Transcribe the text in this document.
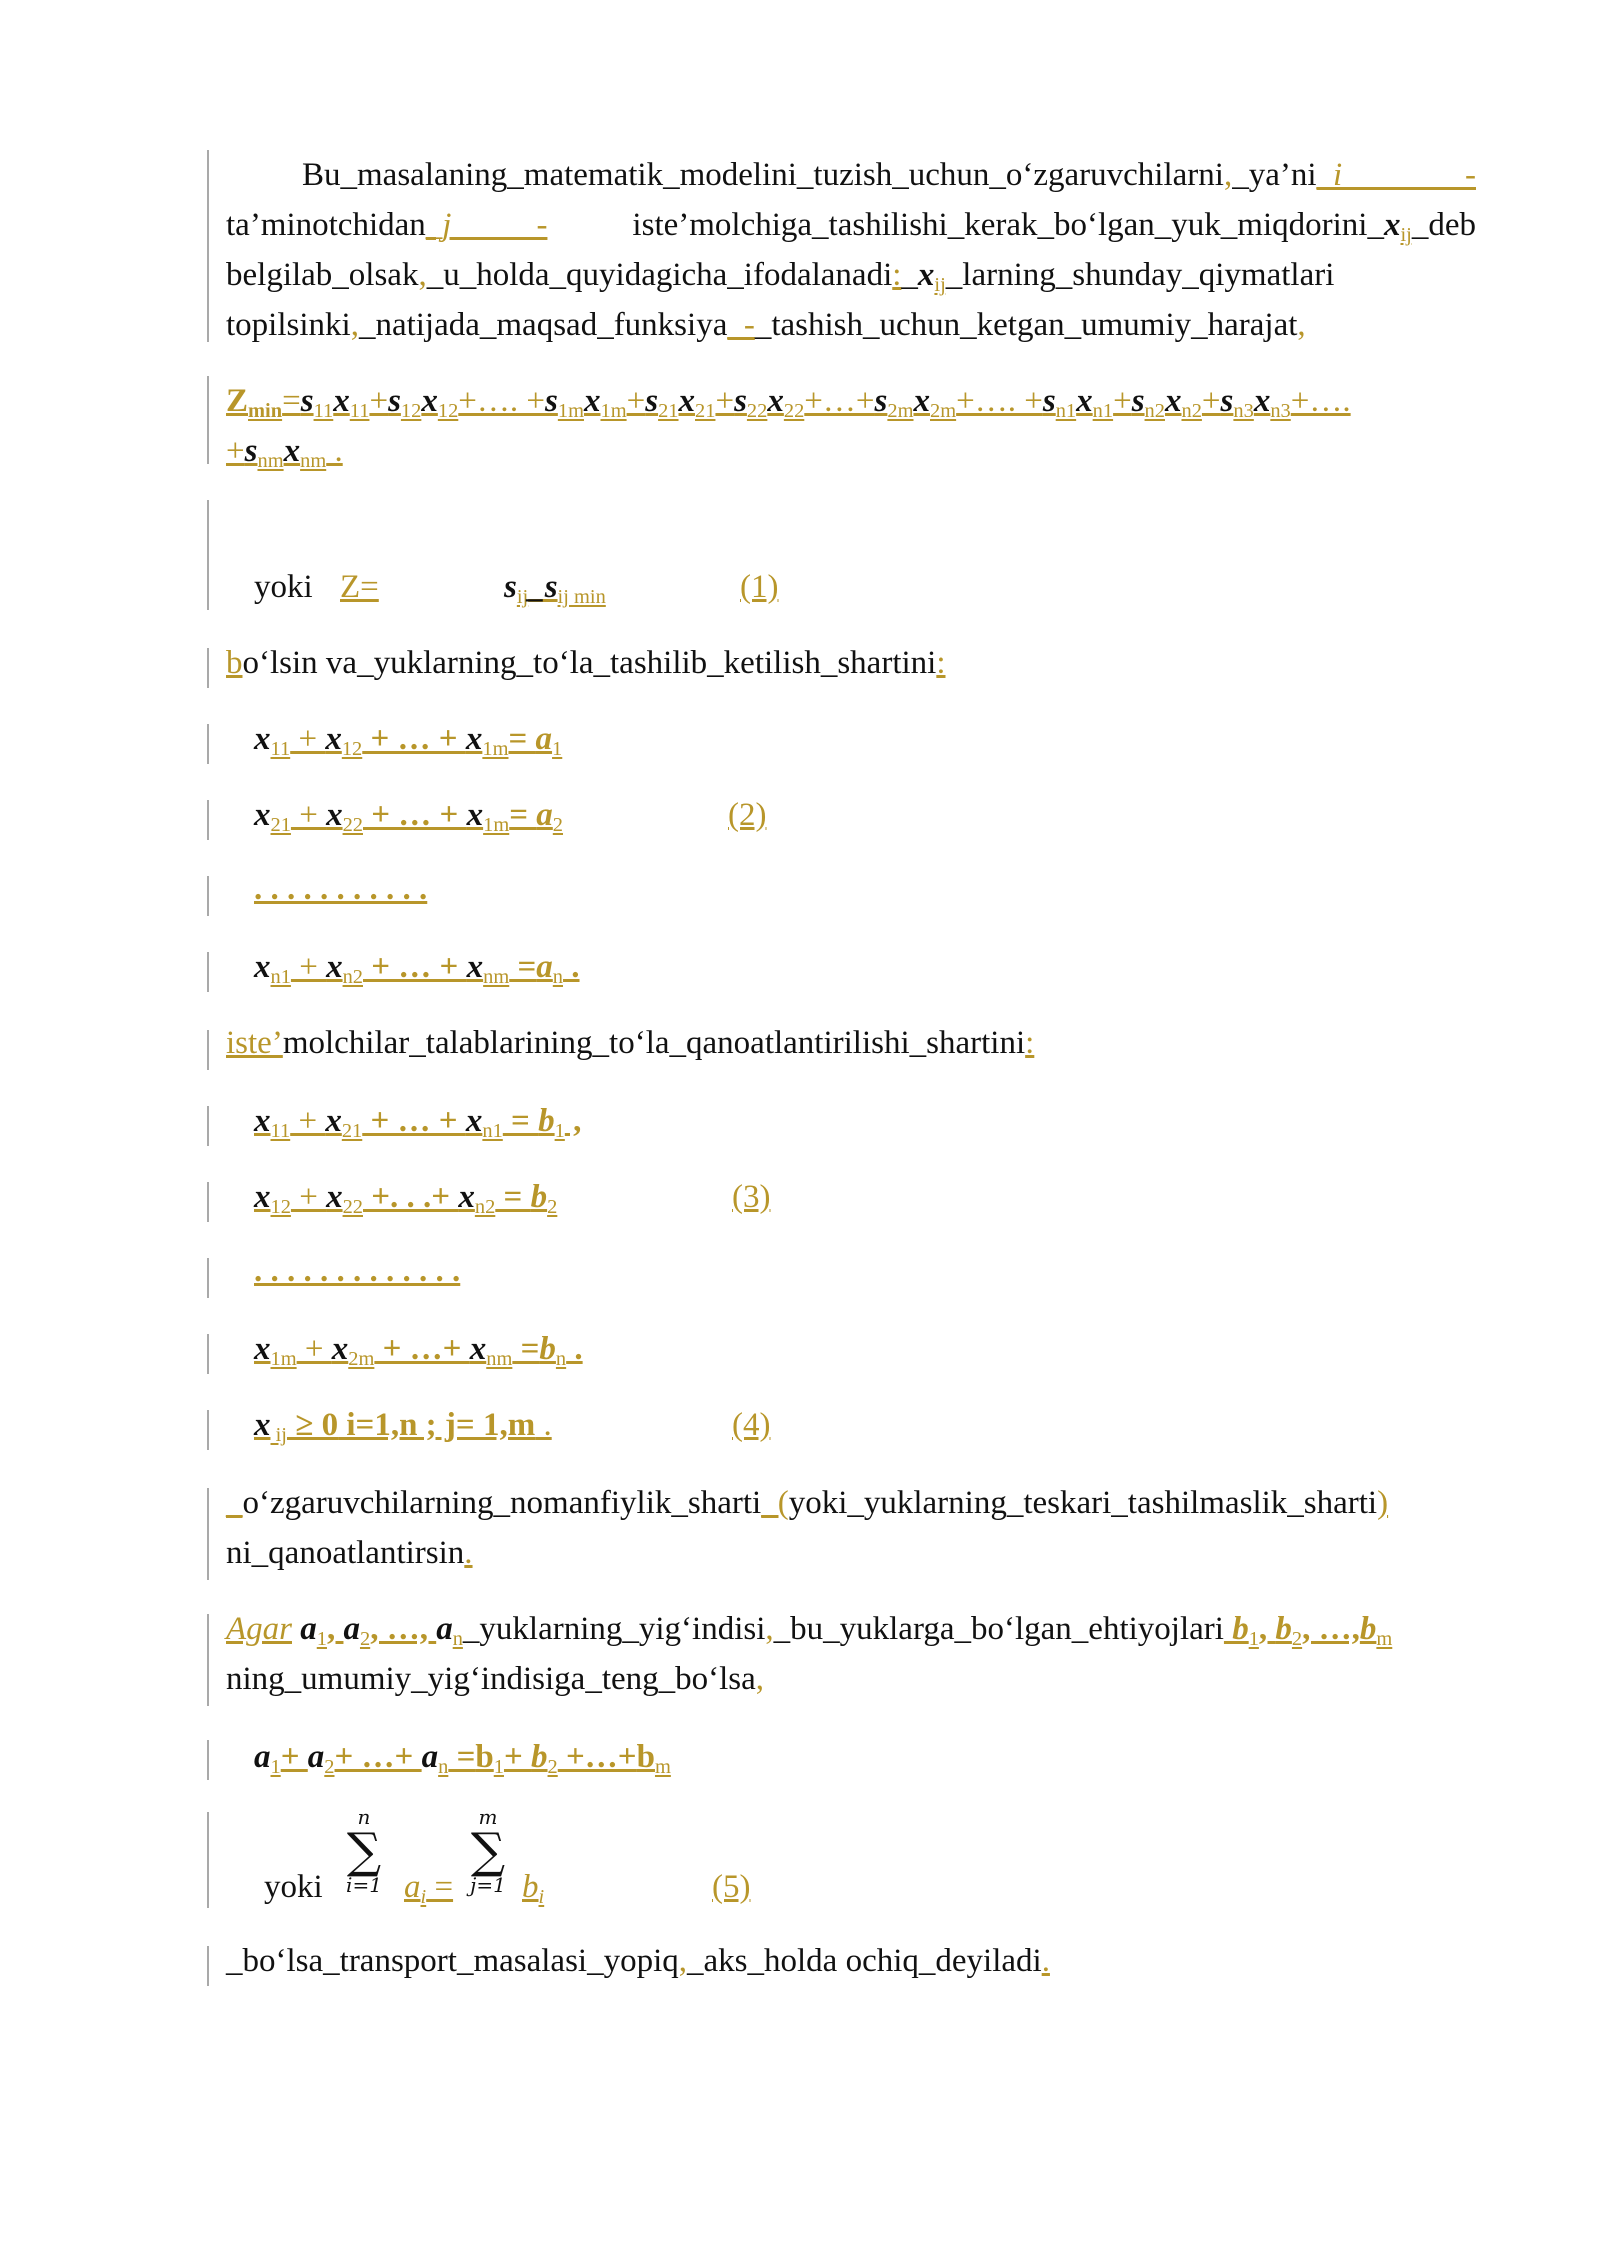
Bu_masalaning_matematik_modelini_tuzish_uchun_o‘zgaruvchilarni,_ya’ni_i - ta’minotchidan_j - $iste’molchiga\_tashilishi\_kerak\_bo‘lgan\_yuk\_miqdorini\_x_{ij}\_deb$ $belgilab\_olsak,\_u\_holda\_quyidagicha\_ifodalanadi:\_x_{ij}\_larning\_shunday\_qiymatlari$ topilsinki,_natijada_maqsad_funksiya_-_tashish_uchun_ketgan_umumiy_harajat,
$Z_{min}=s_{11}x_{11}+s_{12}x_{12}+\dots$. $+s_{1m}x_{1m}+s_{21}x_{21}+s_{22}x_{22}+\dots+s_{2m}x_{2m}+\dots$. $+s_{n1}x_{n1}+s_{n2}x_{n2}+s_{n3}x_{n3}+\dots$.
$+s_{nm}x_{nm}$ .
yoki Z=	$s_{ij}\_s_{ij min}$	(1)
bo‘lsin va_yuklarning_to‘la_tashilib_ketilish_shartini:
$x_{11} + x_{12}$ + … + $x_{1m}= a_1$
$x_{21} + x_{22}$ + … + $x_{1m}= a_2$	(2)
. . . . . . . . . . .
$x_{n1} + x_{n2}$ + … + $x_{nm} =a_n$ .
iste’molchilar_talablarining_to‘la_qanoatlantirilishi_shartini:
$x_{11} + x_{21}$ + … + $x_{n1} = b_1$ ,
$x_{12} + x_{22}$ +. . .+ $x_{n2} = b_2$	(3)
. . . . . . . . . . . . .
$x_{1m} + x_{2m}$ + …+ $x_{nm} =b_n$ .
x $_{ij}$ ≥ 0 i=1,n ; j= 1,m .	(4)
_o‘zgaruvchilarning_nomanfiylik_sharti_(yoki_yuklarning_teskari_tashilmaslik_sharti)
ni_qanoatlantirsin.
Agar $a_1$, $a_2$, …, $a_n\_yuklarning\_yig‘indisi,\_bu\_yuklarga\_bo‘lgan\_ehtiyojlari$ $b_1$, $b_2$, $\dots,b_m$
ning_umumiy_yig‘indisiga_teng_bo‘lsa,
$a_1+ a_2+$ …+ $a_n =b_1+ b_2$ $+\dots+b_m$
yoki
n
∑
i=1 $a_i$ =
m
∑
j=1 $b_i$	(5)
_bo‘lsa_transport_masalasi_yopiq,_aks_holda ochiq_deyiladi.
